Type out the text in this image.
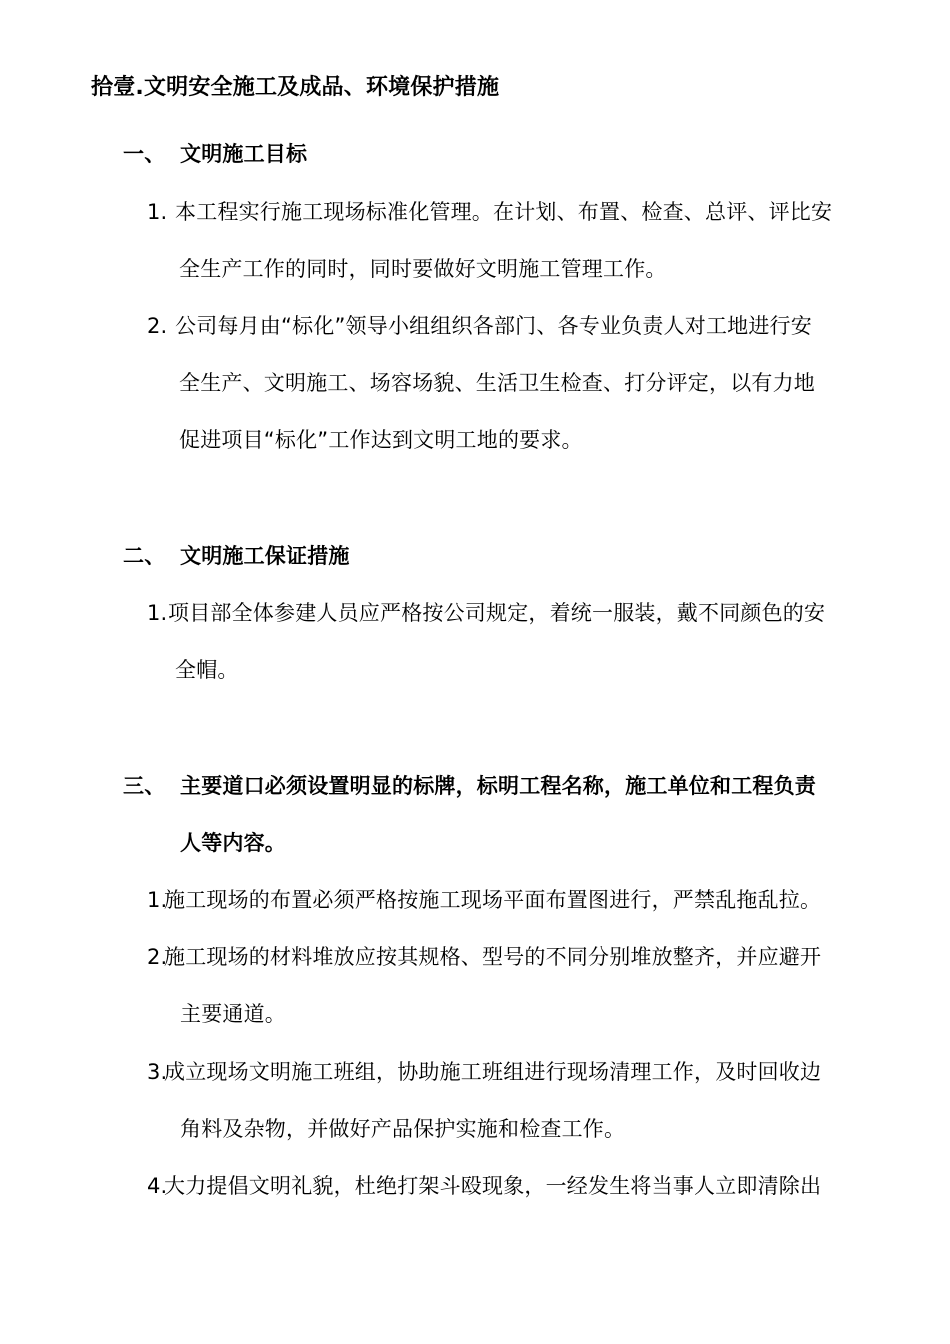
拾壹.文明安全施工及成品、环境保护措施
一、 文明施工目标
1. 本工程实行施工现场标准化管理。在计划、布置、检查、总评、评比安
全生产工作的同时，同时要做好文明施工管理工作。
2. 公司每月由“标化”领导小组组织各部门、各专业负责人对工地进行安
全生产、文明施工、场容场貌、生活卫生检查、打分评定，以有力地
促进项目“标化”工作达到文明工地的要求。
二、 文明施工保证措施
1.项目部全体参建人员应严格按公司规定，着统一服装，戴不同颜色的安
全帽。
三、 主要道口必须设置明显的标牌，标明工程名称，施工单位和工程负责
人等内容。
1.施工现场的布置必须严格按施工现场平面布置图进行，严禁乱拖乱拉。
2.施工现场的材料堆放应按其规格、型号的不同分别堆放整齐，并应避开
主要通道。
3.成立现场文明施工班组，协助施工班组进行现场清理工作，及时回收边
角料及杂物，并做好产品保护实施和检查工作。
4.大力提倡文明礼貌，杜绝打架斗殴现象，一经发生将当事人立即清除出
